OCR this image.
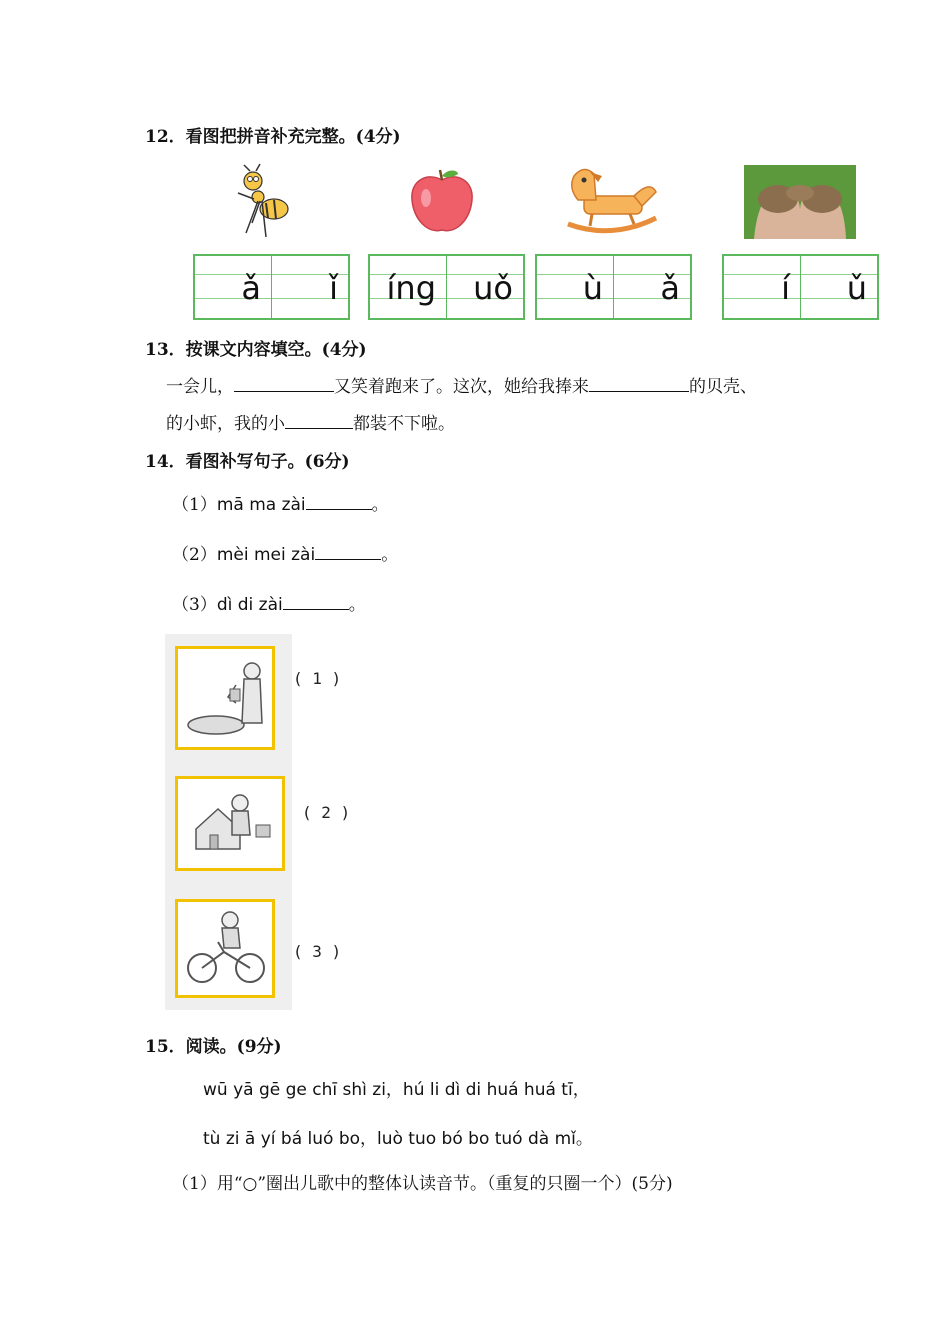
12．看图把拼音补充完整。(4分)
ǎ ǐ íng uǒ ù ǎ	í ǔ
13．按课文内容填空。(4分)
一会儿，	又笑着跑来了。这次，她给我捧来	的贝壳、
的小虾，我的小	都装不下啦。
14．看图补写句子。(6分)
（1）mā ma zài	。
（2）mèi mei zài	。
（3）dì di zài	。
( 1 )
( 2 )
( 3 )
15．阅读。(9分)
wū yā gē ge chī shì zi，hú li dì di huá huá tī，
tù zi ā yí bá luó bo，luò tuo bó bo tuó dà mǐ。
（1）用“○”圈出儿歌中的整体认读音节。（重复的只圈一个）(5分)
